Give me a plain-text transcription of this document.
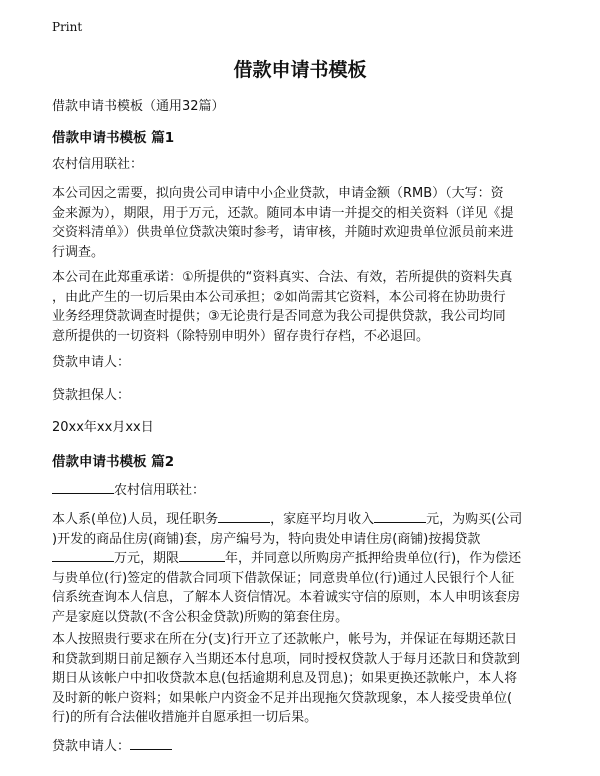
Print
借款申请书模板
借款申请书模板（通用32篇）
借款申请书模板 篇1
农村信用联社：
本公司因之需要，拟向贵公司申请中小企业贷款，申请金额（RMB）（大写：资
金来源为），期限，用于万元，还款。随同本申请一并提交的相关资料（详见《提
交资料清单》）供贵单位贷款决策时参考，请审核，并随时欢迎贵单位派员前来进
行调查。
本公司在此郑重承诺：①所提供的“资料真实、合法、有效，若所提供的资料失真
，由此产生的一切后果由本公司承担；②如尚需其它资料，本公司将在协助贵行
业务经理贷款调查时提供；③无论贵行是否同意为我公司提供贷款，我公司均同
意所提供的一切资料（除特别申明外）留存贵行存档，不必退回。
贷款申请人：
贷款担保人：
20xx年xx月xx日
借款申请书模板 篇2
农村信用联社：
本人系(单位)人员，现任职务	，家庭平均月收入	元，为购买(公司
)开发的商品住房(商铺)套，房产编号为，特向贵处申请住房(商铺)按揭贷款
万元，期限	年，并同意以所购房产抵押给贵单位(行)，作为偿还
与贵单位(行)签定的借款合同项下借款保证；同意贵单位(行)通过人民银行个人征
信系统查询本人信息，了解本人资信情况。本着诚实守信的原则，本人申明该套房
产是家庭以贷款(不含公积金贷款)所购的第套住房。
本人按照贵行要求在所在分(支)行开立了还款帐户，帐号为，并保证在每期还款日
和贷款到期日前足额存入当期还本付息项，同时授权贷款人于每月还款日和贷款到
期日从该帐户中扣收贷款本息(包括逾期利息及罚息)；如果更换还款帐户，本人将
及时新的帐户资料；如果帐户内资金不足并出现拖欠贷款现象，本人接受贵单位(
行)的所有合法催收措施并自愿承担一切后果。
贷款申请人：
